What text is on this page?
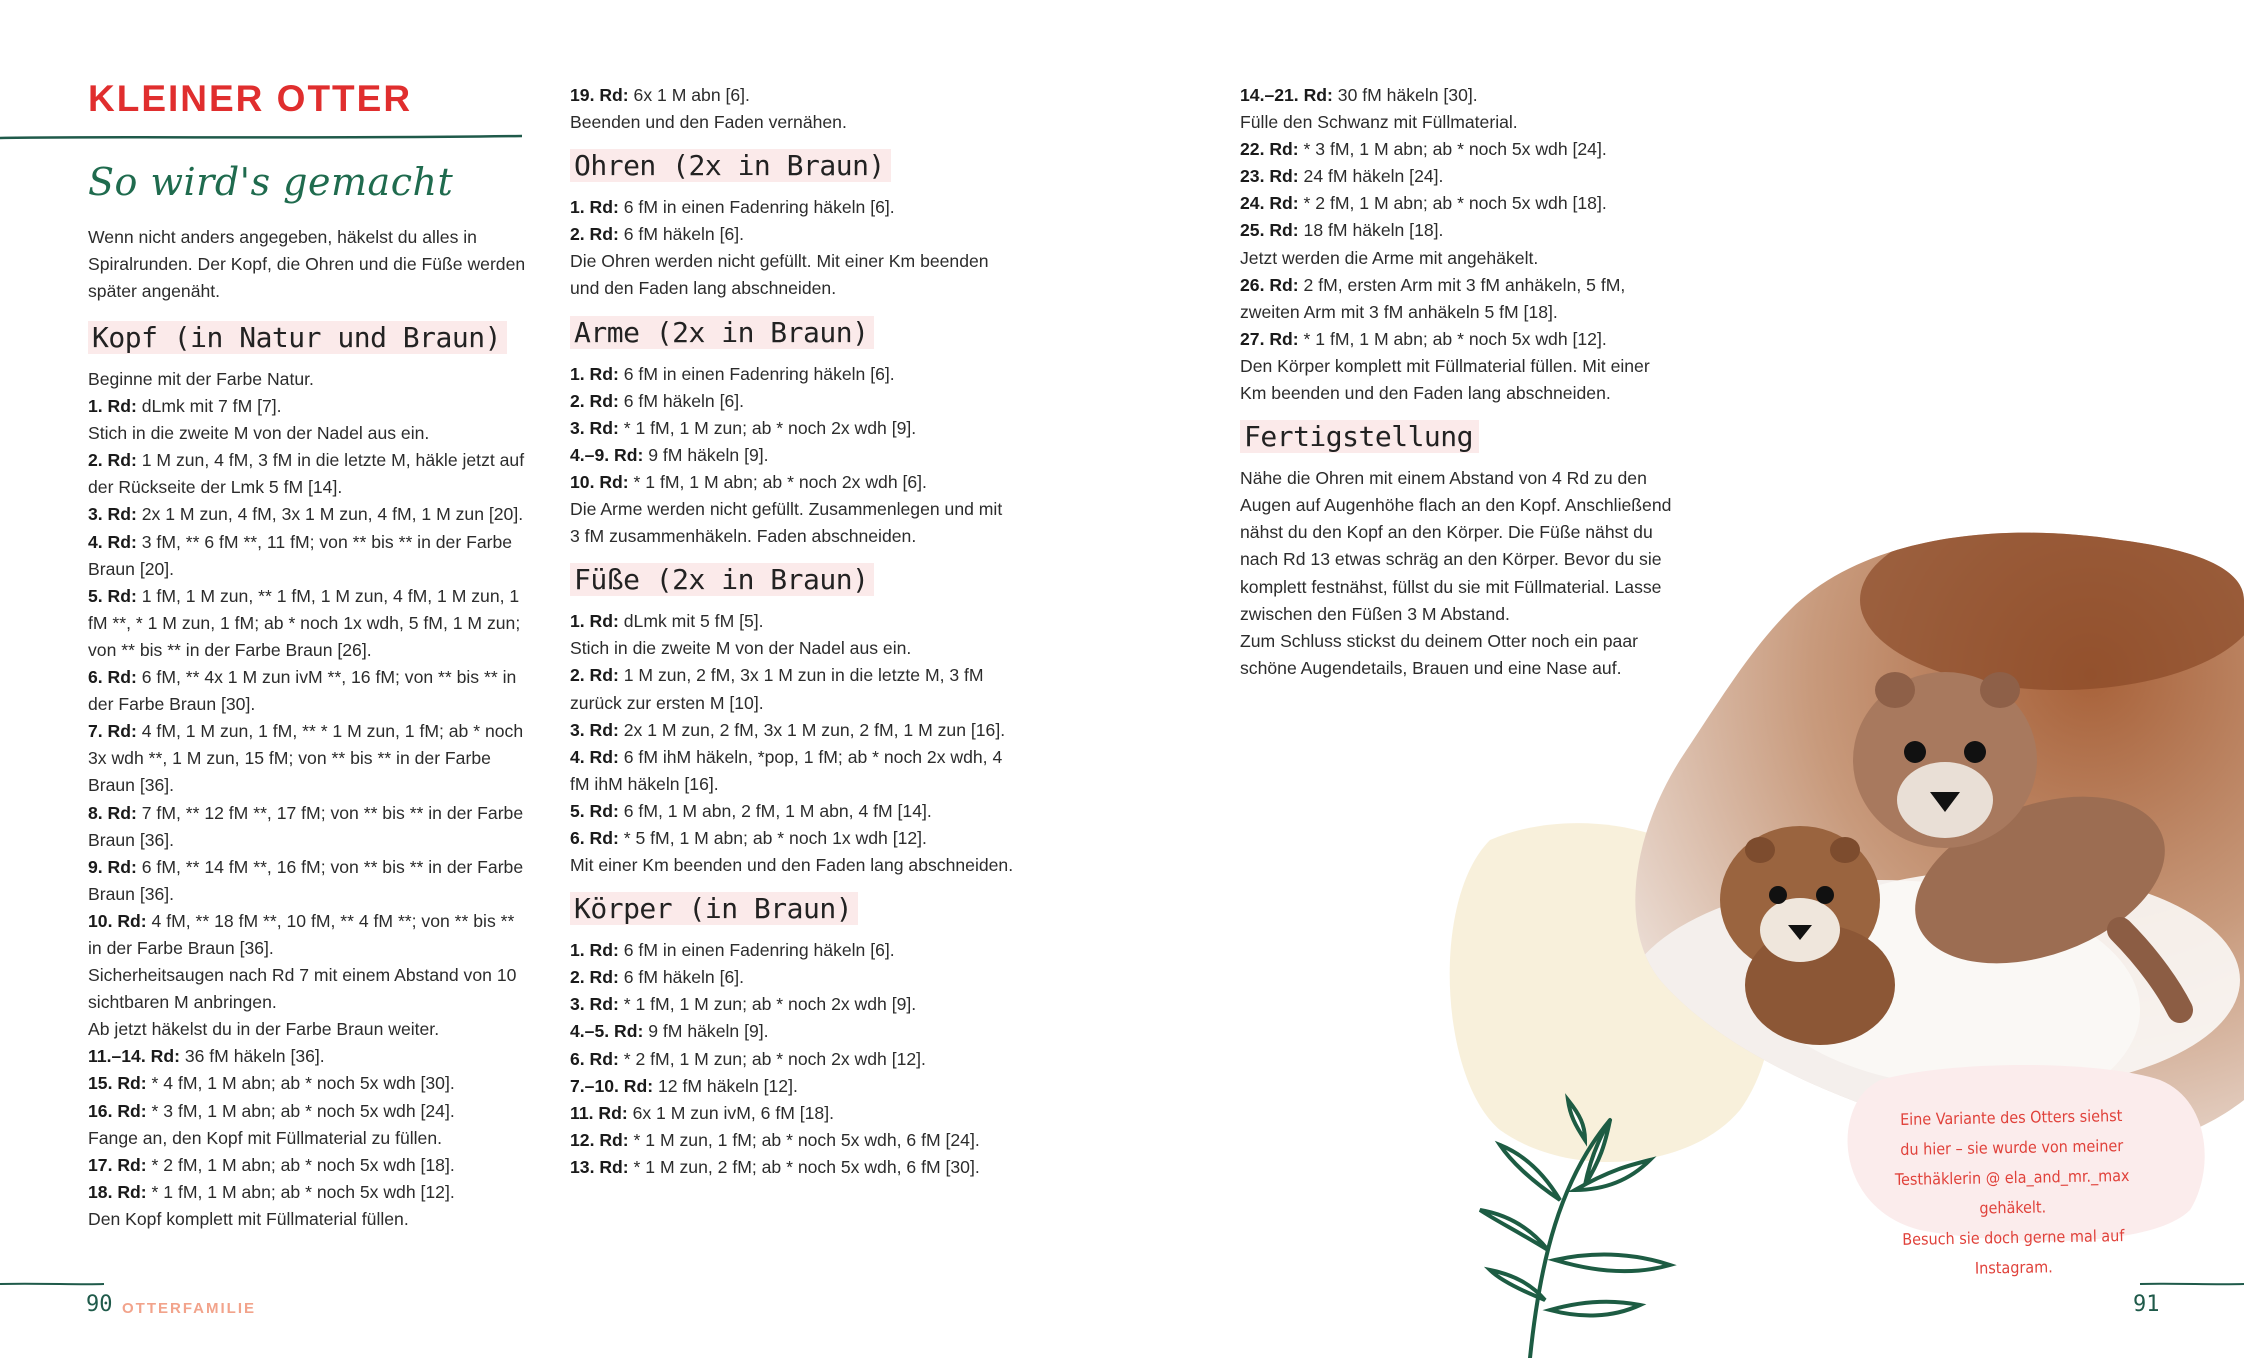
KLEINER OTTER
So wird's gemacht
Wenn nicht anders angegeben, häkelst du alles in Spiralrunden. Der Kopf, die Ohren und die Füße werden später angenäht.
Kopf (in Natur und Braun)

Beginne mit der Farbe Natur.

1. Rd: dLmk mit 7 fM [7].

Stich in die zweite M von der Nadel aus ein.

2. Rd: 1 M zun, 4 fM, 3 fM in die letzte M, häkle jetzt auf der Rückseite der Lmk 5 fM [14].

3. Rd: 2x 1 M zun, 4 fM, 3x 1 M zun, 4 fM, 1 M zun [20].

4. Rd: 3 fM, ** 6 fM **, 11 fM; von ** bis ** in der Farbe Braun [20].

5. Rd: 1 fM, 1 M zun, ** 1 fM, 1 M zun, 4 fM, 1 M zun, 1 fM **, * 1 M zun, 1 fM; ab * noch 1x wdh, 5 fM, 1 M zun; von ** bis ** in der Farbe Braun [26].

6. Rd: 6 fM, ** 4x 1 M zun ivM **, 16 fM; von ** bis ** in der Farbe Braun [30].

7. Rd: 4 fM, 1 M zun, 1 fM, ** * 1 M zun, 1 fM; ab * noch 3x wdh **, 1 M zun, 15 fM; von ** bis ** in der Farbe Braun [36].

8. Rd: 7 fM, ** 12 fM **, 17 fM; von ** bis ** in der Farbe Braun [36].

9. Rd: 6 fM, ** 14 fM **, 16 fM; von ** bis ** in der Farbe Braun [36].

10. Rd: 4 fM, ** 18 fM **, 10 fM, ** 4 fM **; von ** bis ** in der Farbe Braun [36].

Sicherheitsaugen nach Rd 7 mit einem Abstand von 10 sichtbaren M anbringen.

Ab jetzt häkelst du in der Farbe Braun weiter.

11.–14. Rd: 36 fM häkeln [36].

15. Rd: * 4 fM, 1 M abn; ab * noch 5x wdh [30].

16. Rd: * 3 fM, 1 M abn; ab * noch 5x wdh [24].

Fange an, den Kopf mit Füllmaterial zu füllen.

17. Rd: * 2 fM, 1 M abn; ab * noch 5x wdh [18].

18. Rd: * 1 fM, 1 M abn; ab * noch 5x wdh [12].

Den Kopf komplett mit Füllmaterial füllen.

19. Rd: 6x 1 M abn [6].

Beenden und den Faden vernähen.

Ohren (2x in Braun)

1. Rd: 6 fM in einen Fadenring häkeln [6].

2. Rd: 6 fM häkeln [6].

Die Ohren werden nicht gefüllt. Mit einer Km beenden und den Faden lang abschneiden.

Arme (2x in Braun)

1. Rd: 6 fM in einen Fadenring häkeln [6].

2. Rd: 6 fM häkeln [6].

3. Rd: * 1 fM, 1 M zun; ab * noch 2x wdh [9].

4.–9. Rd: 9 fM häkeln [9].

10. Rd: * 1 fM, 1 M abn; ab * noch 2x wdh [6].

Die Arme werden nicht gefüllt. Zusammenlegen und mit 3 fM zusammenhäkeln. Faden abschneiden.

Füße (2x in Braun)

1. Rd: dLmk mit 5 fM [5].

Stich in die zweite M von der Nadel aus ein.

2. Rd: 1 M zun, 2 fM, 3x 1 M zun in die letzte M, 3 fM zurück zur ersten M [10].

3. Rd: 2x 1 M zun, 2 fM, 3x 1 M zun, 2 fM, 1 M zun [16].

4. Rd: 6 fM ihM häkeln, *pop, 1 fM; ab * noch 2x wdh, 4 fM ihM häkeln [16].

5. Rd: 6 fM, 1 M abn, 2 fM, 1 M abn, 4 fM [14].

6. Rd: * 5 fM, 1 M abn; ab * noch 1x wdh [12].

Mit einer Km beenden und den Faden lang abschneiden.

Körper (in Braun)

1. Rd: 6 fM in einen Fadenring häkeln [6].

2. Rd: 6 fM häkeln [6].

3. Rd: * 1 fM, 1 M zun; ab * noch 2x wdh [9].

4.–5. Rd: 9 fM häkeln [9].

6. Rd: * 2 fM, 1 M zun; ab * noch 2x wdh [12].

7.–10. Rd: 12 fM häkeln [12].

11. Rd: 6x 1 M zun ivM, 6 fM [18].

12. Rd: * 1 M zun, 1 fM; ab * noch 5x wdh, 6 fM [24].

13. Rd: * 1 M zun, 2 fM; ab * noch 5x wdh, 6 fM [30].

14.–21. Rd: 30 fM häkeln [30].

Fülle den Schwanz mit Füllmaterial.

22. Rd: * 3 fM, 1 M abn; ab * noch 5x wdh [24].

23. Rd: 24 fM häkeln [24].

24. Rd: * 2 fM, 1 M abn; ab * noch 5x wdh [18].

25. Rd: 18 fM häkeln [18].

Jetzt werden die Arme mit angehäkelt.

26. Rd: 2 fM, ersten Arm mit 3 fM anhäkeln, 5 fM, zweiten Arm mit 3 fM anhäkeln 5 fM [18].

27. Rd: * 1 fM, 1 M abn; ab * noch 5x wdh [12].

Den Körper komplett mit Füllmaterial füllen. Mit einer Km beenden und den Faden lang abschneiden.

Fertigstellung

Nähe die Ohren mit einem Abstand von 4 Rd zu den Augen auf Augenhöhe flach an den Kopf. Anschließend nähst du den Kopf an den Körper. Die Füße nähst du nach Rd 13 etwas schräg an den Körper. Bevor du sie komplett festnähst, füllst du sie mit Füllmaterial. Lasse zwischen den Füßen 3 M Abstand.

Zum Schluss stickst du deinem Otter noch ein paar schöne Augendetails, Brauen und eine Nase auf.

Eine Variante des Otters siehst
du hier – sie wurde von meiner
Testhäklerin @ ela_and_mr._max gehäkelt.
Besuch sie doch gerne mal auf Instagram.
90 OTTERFAMILIE	91
